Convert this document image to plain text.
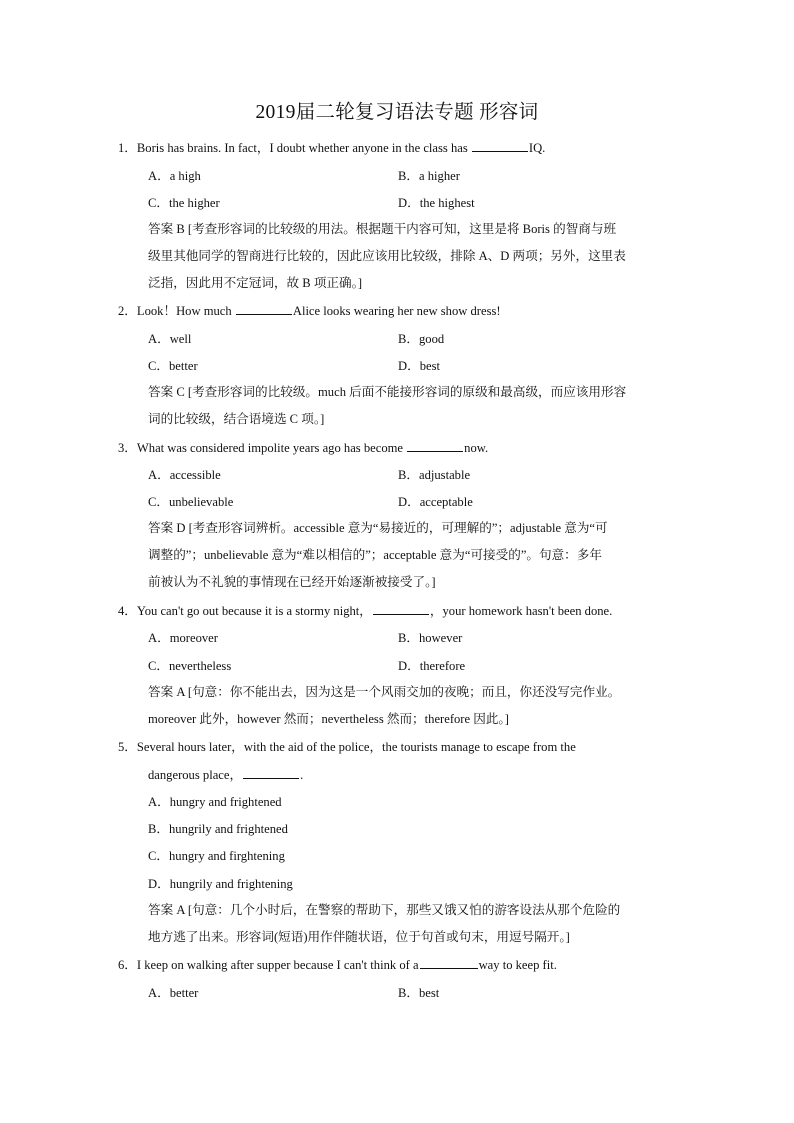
2019届二轮复习语法专题 形容词
1．Boris has brains. In fact，I doubt whether anyone in the class has	IQ.
A．a high	B．a higher
C．the higher	D．the highest
答案 B [考查形容词的比较级的用法。根据题干内容可知，这里是将 Boris 的智商与班
级里其他同学的智商进行比较的，因此应该用比较级，排除 A、D 两项；另外，这里表
泛指，因此用不定冠词，故 B 项正确。]
2．Look！How much	Alice looks wearing her new show dress!
A．well	B．good
C．better	D．best
答案 C [考查形容词的比较级。much 后面不能接形容词的原级和最高级，而应该用形容
词的比较级，结合语境选 C 项。]
3．What was considered impolite years ago has become	now.
A．accessible	B．adjustable
C．unbelievable	D．acceptable
答案 D [考查形容词辨析。accessible 意为“易接近的，可理解的”；adjustable 意为“可
调整的”；unbelievable 意为“难以相信的”；acceptable 意为“可接受的”。句意：多年
前被认为不礼貌的事情现在已经开始逐渐被接受了。]
4．You can't go out because it is a stormy night，	，your homework hasn't been done.
A．moreover	B．however
C．nevertheless	D．therefore
答案 A [句意：你不能出去，因为这是一个风雨交加的夜晚；而且，你还没写完作业。
moreover 此外，however 然而；nevertheless 然而；therefore 因此。]
5．Several hours later，with the aid of the police，the tourists manage to escape from the
dangerous place，	.
A．hungry and frightened
B．hungrily and frightened
C．hungry and firghtening
D．hungrily and frightening
答案 A [句意：几个小时后，在警察的帮助下，那些又饿又怕的游客设法从那个危险的
地方逃了出来。形容词(短语)用作伴随状语，位于句首或句末，用逗号隔开。]
6．I keep on walking after supper because I can't think of a	way to keep fit.
A．better	B．best
